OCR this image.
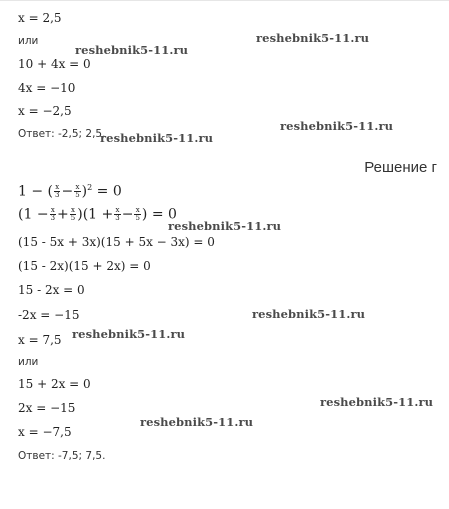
x = 2,5
или
10 + 4x = 0
4x = −10
x = −2,5
Ответ: -2,5; 2,5.
Решение г
1 − ( $\frac{x}{3} - \frac{x}{5} )^2 = 0$
$(1 - \frac{x}{3} + \frac{x}{5} )(1 + \frac{x}{3} - \frac{x}{5}$ ) = 0
(15 - 5x + 3x)(15 + 5x − 3x) = 0
(15 - 2x)(15 + 2x) = 0
15 - 2x = 0
-2x = −15
x = 7,5
или
15 + 2x = 0
2x = −15
x = −7,5
Ответ: -7,5; 7,5.
reshebnik5-11.ru
reshebnik5-11.ru
reshebnik5-11.ru
reshebnik5-11.ru
reshebnik5-11.ru
reshebnik5-11.ru
reshebnik5-11.ru
reshebnik5-11.ru
reshebnik5-11.ru
